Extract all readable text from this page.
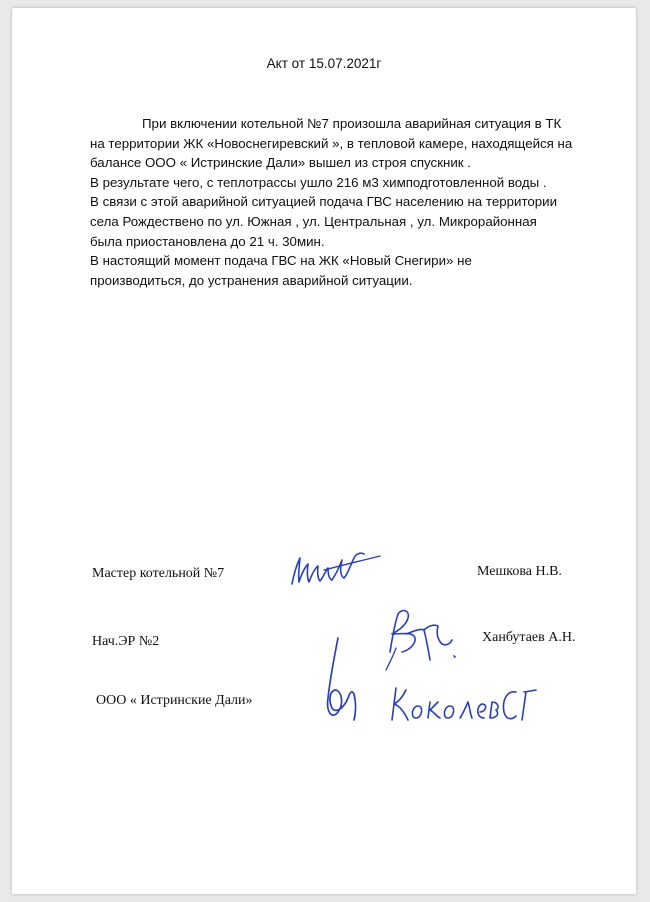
Акт от 15.07.2021г
При включении котельной №7 произошла аварийная ситуация в ТК
на территории ЖК «Новоснегиревский », в тепловой камере, находящейся на
балансе ООО « Истринские Дали» вышел из строя спускник .
В результате чего, с теплотрассы ушло 216 м3 химподготовленной воды .
В связи с этой аварийной ситуацией подача ГВС населению на территории
села Рождествено по ул. Южная , ул. Центральная , ул. Микрорайонная
была приостановлена до 21 ч. 30мин.
В настоящий момент подача ГВС на ЖК «Новый Снегири» не
производиться, до устранения аварийной ситуации.
Мастер котельной №7	Мешкова Н.В.
Нач.ЭР №2	Ханбутаев А.Н.
ООО « Истринские Дали»
